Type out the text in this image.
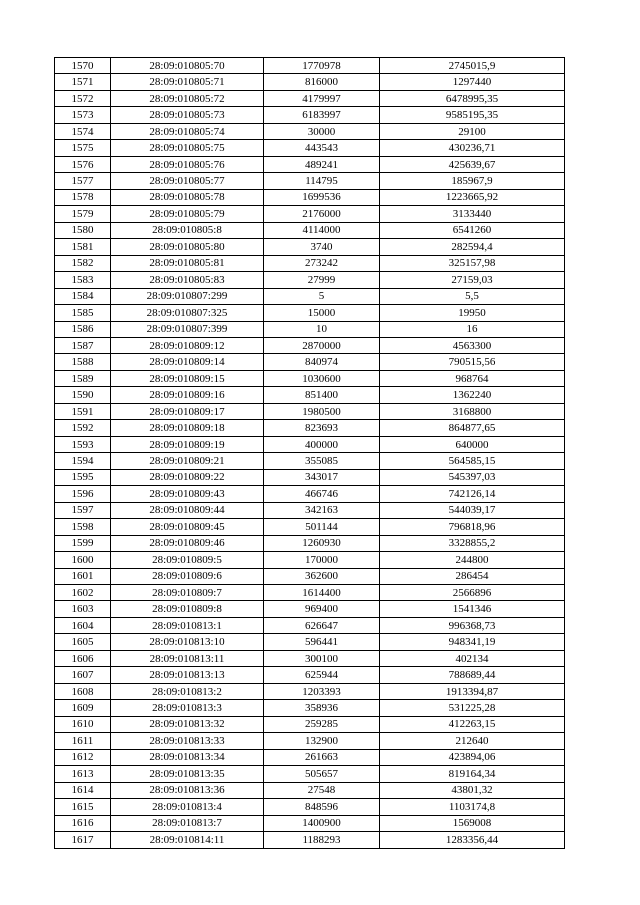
1570	28:09:010805:70	1770978	2745015,9
1571	28:09:010805:71	816000	1297440
1572	28:09:010805:72	4179997	6478995,35
1573	28:09:010805:73	6183997	9585195,35
1574	28:09:010805:74	30000	29100
1575	28:09:010805:75	443543	430236,71
1576	28:09:010805:76	489241	425639,67
1577	28:09:010805:77	114795	185967,9
1578	28:09:010805:78	1699536	1223665,92
1579	28:09:010805:79	2176000	3133440
1580	28:09:010805:8	4114000	6541260
1581	28:09:010805:80	3740	282594,4
1582	28:09:010805:81	273242	325157,98
1583	28:09:010805:83	27999	27159,03
1584	28:09:010807:299	5	5,5
1585	28:09:010807:325	15000	19950
1586	28:09:010807:399	10	16
1587	28:09:010809:12	2870000	4563300
1588	28:09:010809:14	840974	790515,56
1589	28:09:010809:15	1030600	968764
1590	28:09:010809:16	851400	1362240
1591	28:09:010809:17	1980500	3168800
1592	28:09:010809:18	823693	864877,65
1593	28:09:010809:19	400000	640000
1594	28:09:010809:21	355085	564585,15
1595	28:09:010809:22	343017	545397,03
1596	28:09:010809:43	466746	742126,14
1597	28:09:010809:44	342163	544039,17
1598	28:09:010809:45	501144	796818,96
1599	28:09:010809:46	1260930	3328855,2
1600	28:09:010809:5	170000	244800
1601	28:09:010809:6	362600	286454
1602	28:09:010809:7	1614400	2566896
1603	28:09:010809:8	969400	1541346
1604	28:09:010813:1	626647	996368,73
1605	28:09:010813:10	596441	948341,19
1606	28:09:010813:11	300100	402134
1607	28:09:010813:13	625944	788689,44
1608	28:09:010813:2	1203393	1913394,87
1609	28:09:010813:3	358936	531225,28
1610	28:09:010813:32	259285	412263,15
1611	28:09:010813:33	132900	212640
1612	28:09:010813:34	261663	423894,06
1613	28:09:010813:35	505657	819164,34
1614	28:09:010813:36	27548	43801,32
1615	28:09:010813:4	848596	1103174,8
1616	28:09:010813:7	1400900	1569008
1617	28:09:010814:11	1188293	1283356,44
